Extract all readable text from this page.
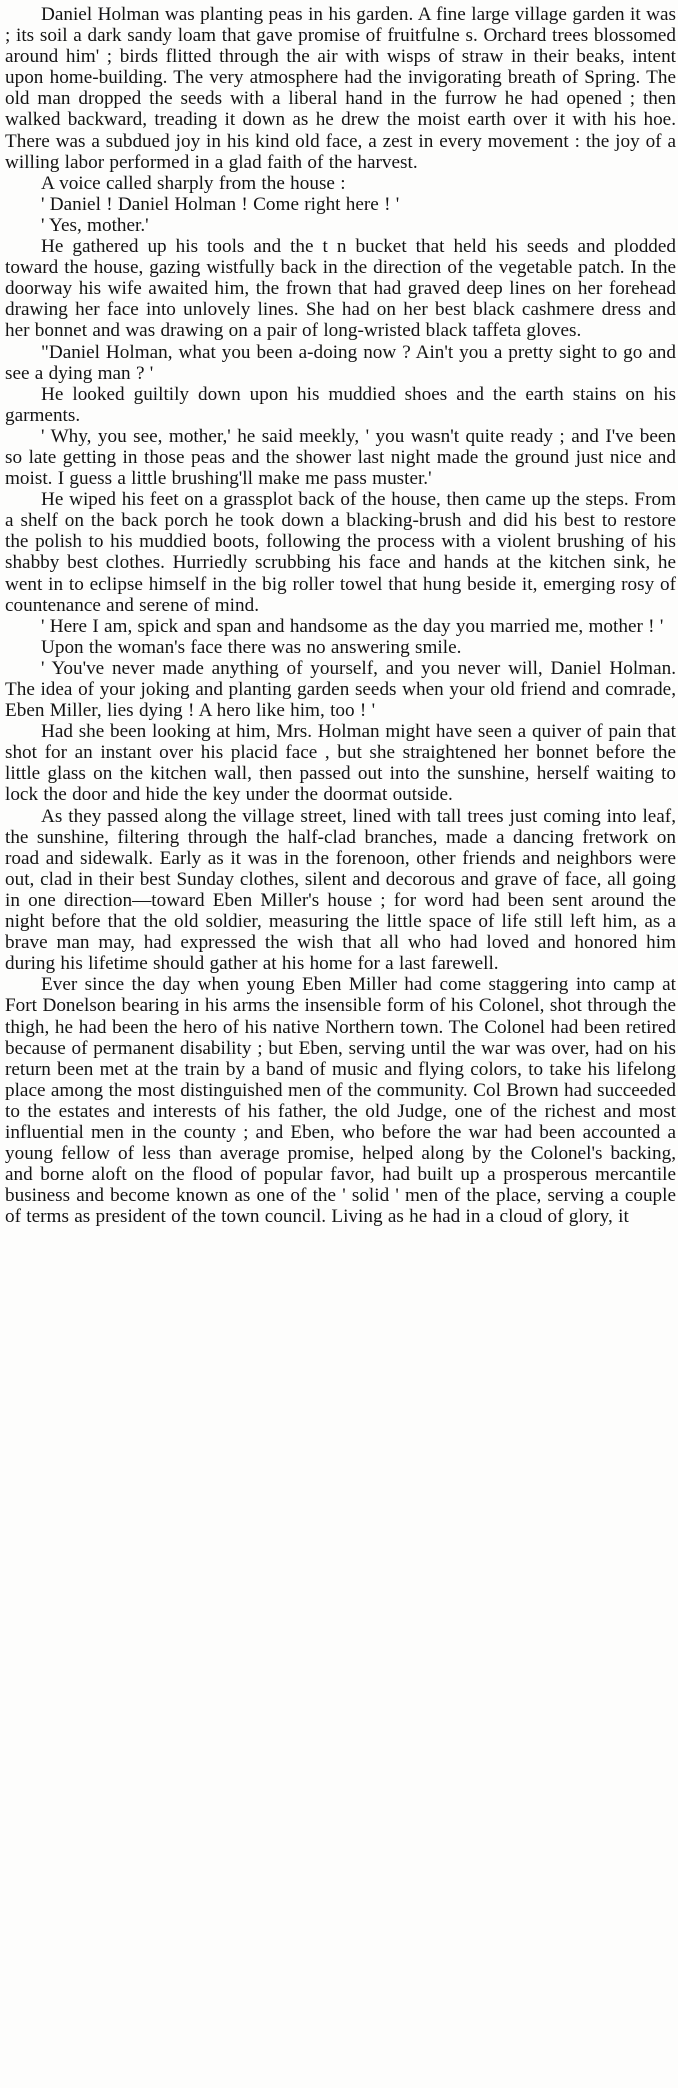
Daniel Holman was planting peas in his garden. A fine large village garden it was ; its soil a dark sandy loam that gave promise of fruitfulne s. Orchard trees blossomed around him' ; birds flitted through the air with wisps of straw in their beaks, intent upon home-building. The very atmosphere had the invigorating breath of Spring. The old man dropped the seeds with a liberal hand in the furrow he had opened ; then walked backward, treading it down as he drew the moist earth over it with his hoe. There was a subdued joy in his kind old face, a zest in every movement : the joy of a willing labor performed in a glad faith of the harvest.

A voice called sharply from the house :

' Daniel ! Daniel Holman ! Come right here ! '

' Yes, mother.'

He gathered up his tools and the t n bucket that held his seeds and plodded toward the house, gazing wistfully back in the direction of the vegetable patch. In the doorway his wife awaited him, the frown that had graved deep lines on her forehead drawing her face into unlovely lines. She had on her best black cashmere dress and her bonnet and was drawing on a pair of long-wristed black taffeta gloves.

"Daniel Holman, what you been a-doing now ? Ain't you a pretty sight to go and see a dying man ? '

He looked guiltily down upon his muddied shoes and the earth stains on his garments.

' Why, you see, mother,' he said meekly, ' you wasn't quite ready ; and I've been so late getting in those peas and the shower last night made the ground just nice and moist. I guess a little brushing'll make me pass muster.'

He wiped his feet on a grassplot back of the house, then came up the steps. From a shelf on the back porch he took down a blacking-brush and did his best to restore the polish to his muddied boots, following the process with a violent brushing of his shabby best clothes. Hurriedly scrubbing his face and hands at the kitchen sink, he went in to eclipse himself in the big roller towel that hung beside it, emerging rosy of countenance and serene of mind.

' Here I am, spick and span and handsome as the day you married me, mother ! '

Upon the woman's face there was no answering smile.

' You've never made anything of yourself, and you never will, Daniel Holman. The idea of your joking and planting garden seeds when your old friend and comrade, Eben Miller, lies dying ! A hero like him, too ! '

Had she been looking at him, Mrs. Holman might have seen a quiver of pain that shot for an instant over his placid face , but she straightened her bonnet before the little glass on the kitchen wall, then passed out into the sunshine, herself waiting to lock the door and hide the key under the doormat outside.

As they passed along the village street, lined with tall trees just coming into leaf, the sunshine, filtering through the half-clad branches, made a dancing fretwork on road and sidewalk. Early as it was in the forenoon, other friends and neighbors were out, clad in their best Sunday clothes, silent and decorous and grave of face, all going in one direction—toward Eben Miller's house ; for word had been sent around the night before that the old soldier, measuring the little space of life still left him, as a brave man may, had expressed the wish that all who had loved and honored him during his lifetime should gather at his home for a last farewell.

Ever since the day when young Eben Miller had come staggering into camp at Fort Donelson bearing in his arms the insensible form of his Colonel, shot through the thigh, he had been the hero of his native Northern town. The Colonel had been retired because of permanent disability ; but Eben, serving until the war was over, had on his return been met at the train by a band of music and flying colors, to take his lifelong place among the most distinguished men of the community. Col Brown had succeeded to the estates and interests of his father, the old Judge, one of the richest and most influential men in the county ; and Eben, who before the war had been accounted a young fellow of less than average promise, helped along by the Colonel's backing, and borne aloft on the flood of popular favor, had built up a prosperous mercantile business and become known as one of the ' solid ' men of the place, serving a couple of terms as president of the town council. Living as he had in a cloud of glory, it
